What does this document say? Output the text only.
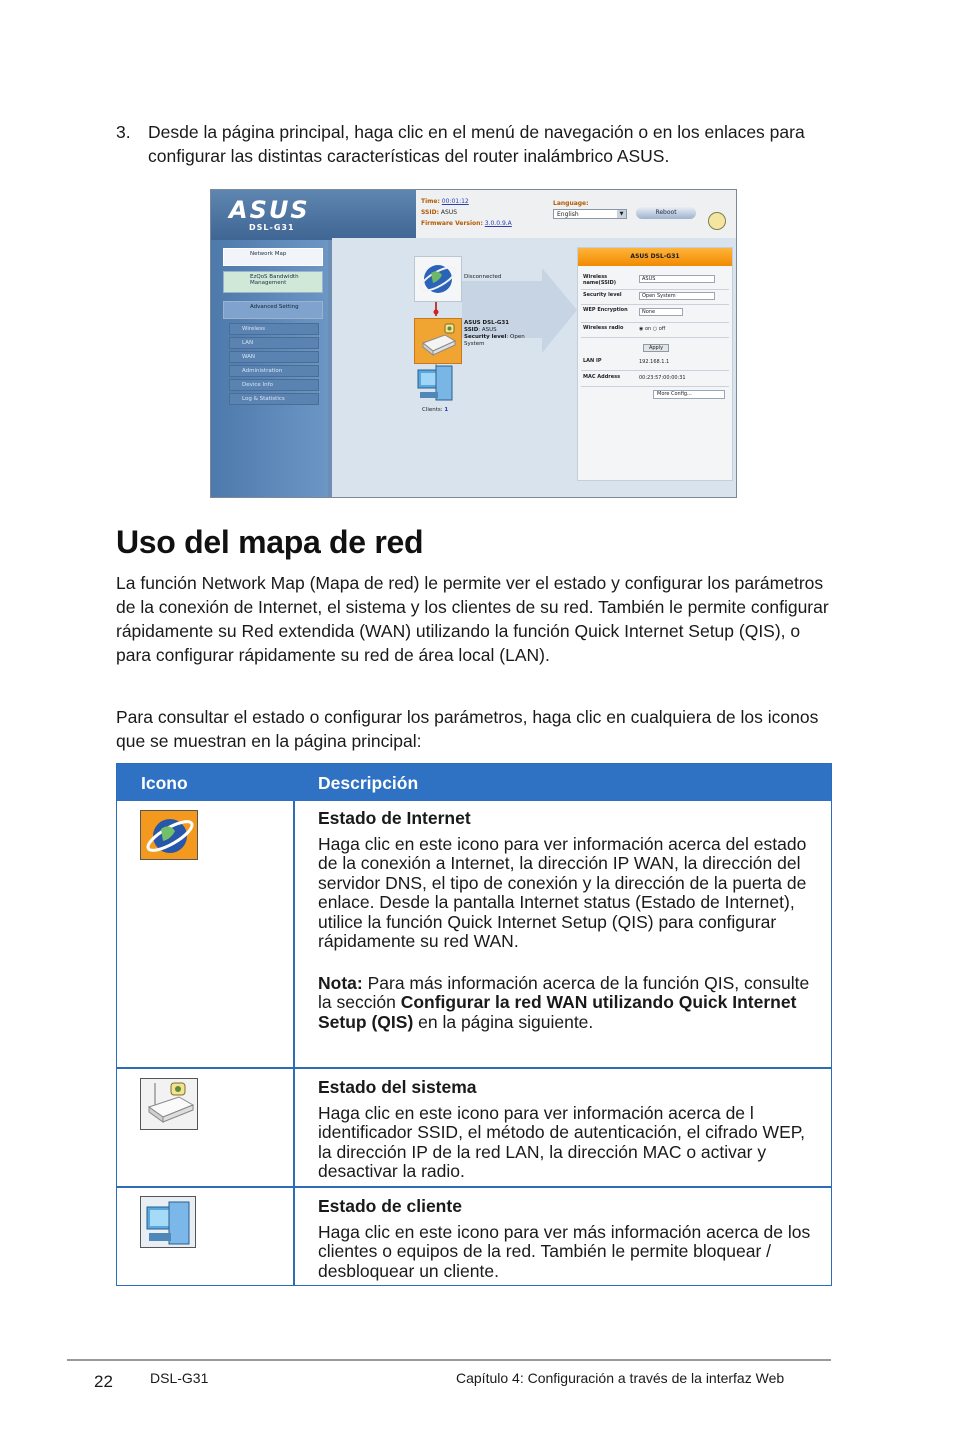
3. Desde la página principal, haga clic en el menú de navegación o en los enlaces para configurar las distintas características del router inalámbrico ASUS.
ASUS
DSL-G31
Time: 00:01:12
SSID: ASUS
Firmware Version: 3.0.0.9.A
Language:
English	▼	Reboot
Network Map
EzQoS Bandwidth Management
Advanced Setting
Wireless
LAN
WAN
Administration
Device Info
Log & Statistics
Disconnected
ASUS DSL-G31
SSID: ASUS
Security level: Open System
Clients: 1
ASUS DSL-G31
Wireless name(SSID)
ASUS
Security level	Open System
WEP Encryption	None
Wireless radio	◉ on ○ off
Apply
LAN IP	192.168.1.1
MAC Address	00:23:57:00:00:31
More Config...
Uso del mapa de red
La función Network Map (Mapa de red) le permite ver el estado y configurar los parámetros de la conexión de Internet, el sistema y los clientes de su red. También le permite configurar rápidamente su Red extendida (WAN) utilizando la función Quick Internet Setup (QIS), o para configurar rápidamente su red de área local (LAN).
Para consultar el estado o configurar los parámetros, haga clic en cualquiera de los iconos que se muestran en la página principal:
Icono	Descripción
Estado de Internet
Haga clic en este icono para ver información acerca del estado de la conexión a Internet, la dirección IP WAN, la dirección del servidor DNS, el tipo de conexión y la dirección de la puerta de enlace. Desde la pantalla Internet status (Estado de Internet), utilice la función Quick Internet Setup (QIS) para configurar rápidamente su red WAN.
Nota: Para más información acerca de la función QIS, consulte la sección Configurar la red WAN utilizando Quick Internet Setup (QIS) en la página siguiente.
Estado del sistema
Haga clic en este icono para ver información acerca de l identificador SSID, el método de autenticación, el cifrado WEP, la dirección IP de la red LAN, la dirección MAC o activar y desactivar la radio.
Estado de cliente
Haga clic en este icono para ver más información acerca de los clientes o equipos de la red. También le permite bloquear / desbloquear un cliente.
22	DSL-G31	Capítulo 4: Configuración a través de la interfaz Web
